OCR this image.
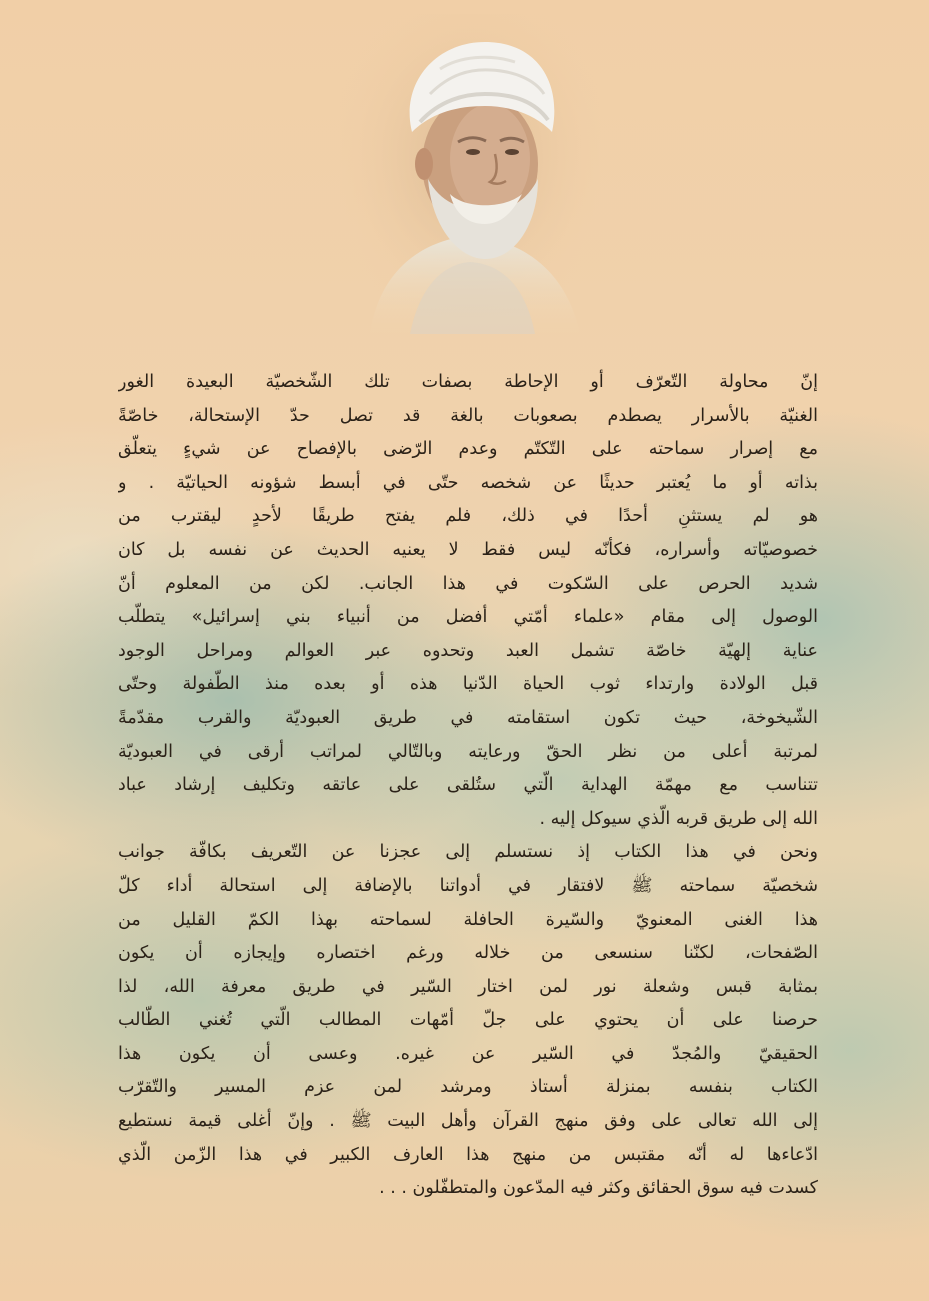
إنّ محاولة التّعرّف أو الإحاطة بصفات تلك الشّخصيّة البعيدة الغور
الغنيّة بالأسرار يصطدم بصعوبات بالغة قد تصل حدّ الإستحالة، خاصّةً
مع إصرار سماحته على التّكتّم وعدم الرّضى بالإفصاح عن شيءٍ يتعلّق
بذاته أو ما يُعتبر حديثًا عن شخصه حتّى في أبسط شؤونه الحياتيّة . و
هو لم يستثنِ أحدًا في ذلك، فلم يفتح طريقًا لأحدٍ ليقترب من
خصوصيّاته وأسراره، فكأنّه ليس فقط لا يعنيه الحديث عن نفسه بل كان
شديد الحرص على السّكوت في هذا الجانب. لكن من المعلوم أنّ
الوصول إلى مقام «علماء أمّتي أفضل من أنبياء بني إسرائيل» يتطلّب
عناية إلهيّة خاصّة تشمل العبد وتحدوه عبر العوالم ومراحل الوجود
قبل الولادة وارتداء ثوب الحياة الدّنيا هذه أو بعده منذ الطّفولة وحتّى
الشّيخوخة، حيث تكون استقامته في طريق العبوديّة والقرب مقدّمةً
لمرتبة أعلى من نظر الحقّ ورعايته وبالتّالي لمراتب أرقى في العبوديّة
تتناسب مع مهمّة الهداية الّتي ستُلقى على عاتقه وتكليف إرشاد عباد
الله إلى طريق قربه الّذي سيوكل إليه .
ونحن في هذا الكتاب إذ نستسلم إلى عجزنا عن التّعريف بكافّة جوانب
شخصيّة سماحته ﷺ لافتقار في أدواتنا بالإضافة إلى استحالة أداء كلّ
هذا الغنى المعنويّ والسّيرة الحافلة لسماحته بهذا الكمّ القليل من
الصّفحات، لكنّنا سنسعى من خلاله ورغم اختصاره وإيجازه أن يكون
بمثابة قبس وشعلة نور لمن اختار السّير في طريق معرفة الله، لذا
حرصنا على أن يحتوي على جلّ أمّهات المطالب الّتي تُغني الطّالب
الحقيقيّ والمُجدّ في السّير عن غيره. وعسى أن يكون هذا
الكتاب بنفسه بمنزلة أستاذ ومرشد لمن عزم المسير والتّقرّب
إلى الله تعالى على وفق منهج القرآن وأهل البيت ﷺ . وإنّ أغلى قيمة نستطيع
ادّعاءها له أنّه مقتبس من منهج هذا العارف الكبير في هذا الزّمن الّذي
كسدت فيه سوق الحقائق وكثر فيه المدّعون والمتطفّلون . . .
